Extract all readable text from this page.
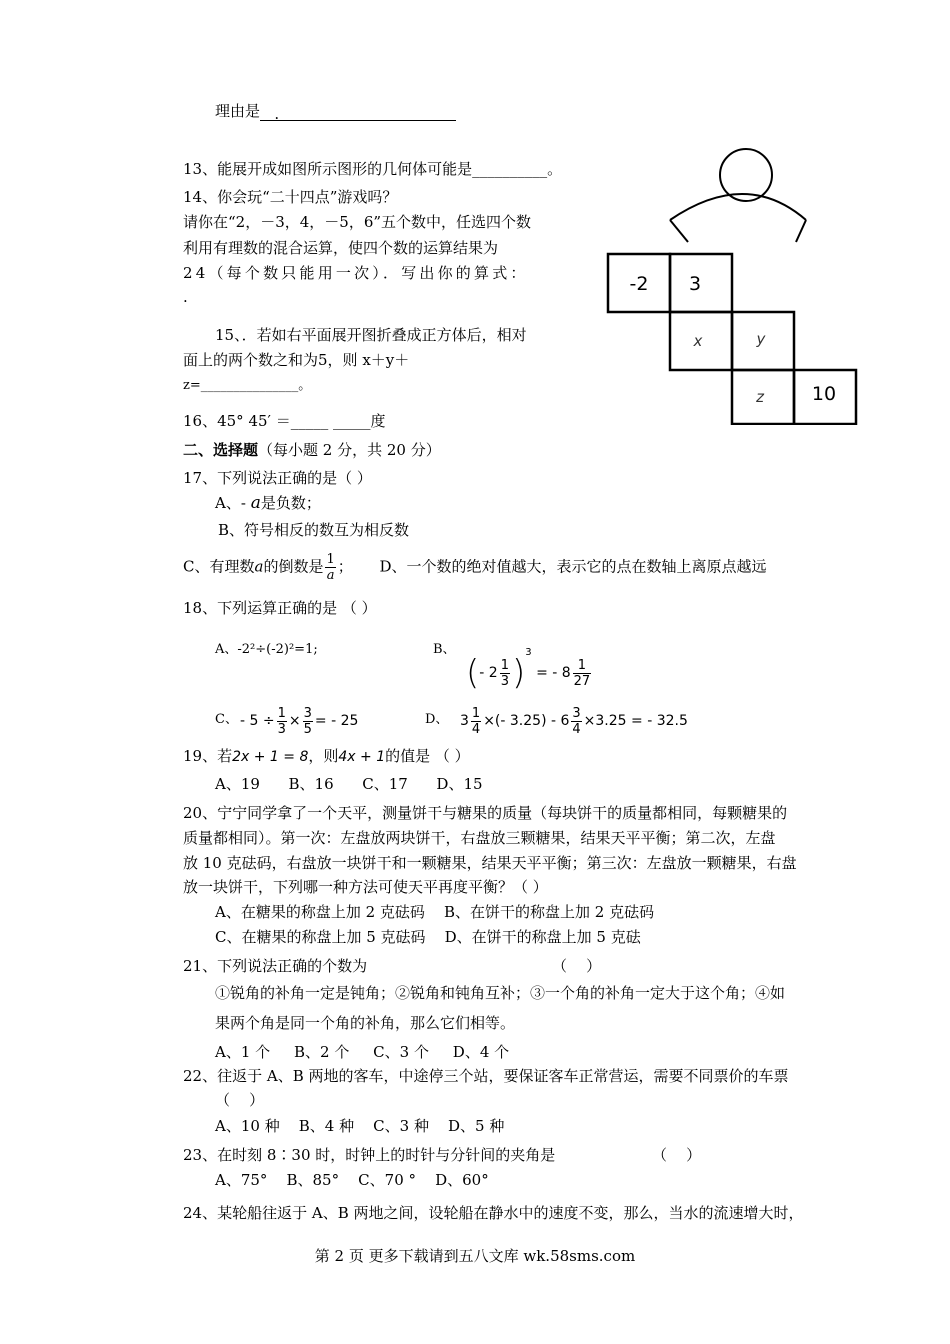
理由是   .
13、能展开成如图所示图形的几何体可能是__________。
14、你会玩“二十四点”游戏吗？
请你在“2，－3，4，－5，6”五个数中，任选四个数
利用有理数的混合运算，使四个数的运算结果为
24（每个数只能用一次）．写出你的算式：
.
-2 3
x	y
z	10
15、．若如右平面展开图折叠成正方体后，相对
面上的两个数之和为5，则 x＋y＋
z=_______________。
16、45° 45′ ＝_____ _____度
二、选择题（每小题 2 分，共 20 分）
17、下列说法正确的是（ ）
A、- a是负数；
B、符号相反的数互为相反数
C、有理数a的倒数是 $\frac{1}{a}$ ； D、一个数的绝对值越大，表示它的点在数轴上离原点越远
18、下列运算正确的是 （ ）
A、-2²÷(-2)²=1;	B、
(- $2 \frac{1}{3} )^3$ = - $8 \frac{1}{27}$
C、 - $5 \div \frac{1}{3} \times \frac{3}{5}$ = - 25	D、 $3 \frac{1}{4}$ ×(- $3.25) - 6 \frac{3}{4} \times 3.25$ = - 32.5
19、若2x + 1 = 8，则4x + 1的值是 （ ）
A、19      B、16      C、17      D、15
20、宁宁同学拿了一个天平，测量饼干与糖果的质量（每块饼干的质量都相同，每颗糖果的
质量都相同）。第一次：左盘放两块饼干，右盘放三颗糖果，结果天平平衡；第二次，左盘
放 10 克砝码，右盘放一块饼干和一颗糖果，结果天平平衡；第三次：左盘放一颗糖果，右盘
放一块饼干，下列哪一种方法可使天平再度平衡？（ ）
A、在糖果的称盘上加 2 克砝码    B、在饼干的称盘上加 2 克砝码
C、在糖果的称盘上加 5 克砝码    D、在饼干的称盘上加 5 克砝
21、下列说法正确的个数为	（    ）
①锐角的补角一定是钝角；②锐角和钝角互补；③一个角的补角一定大于这个角；④如
果两个角是同一个角的补角，那么它们相等。
A、1 个     B、2 个     C、3 个     D、4 个
22、往返于 A、B 两地的客车，中途停三个站，要保证客车正常营运，需要不同票价的车票
（    ）
A、10 种    B、4 种    C、3 种    D、5 种
23、在时刻 8∶30 时，时钟上的时针与分针间的夹角是	（    ）
A、75°    B、85°    C、70 °    D、60°
24、某轮船往返于 A、B 两地之间，设轮船在静水中的速度不变，那么，当水的流速增大时，
第 2 页 更多下载请到五八文库 wk.58sms.com
